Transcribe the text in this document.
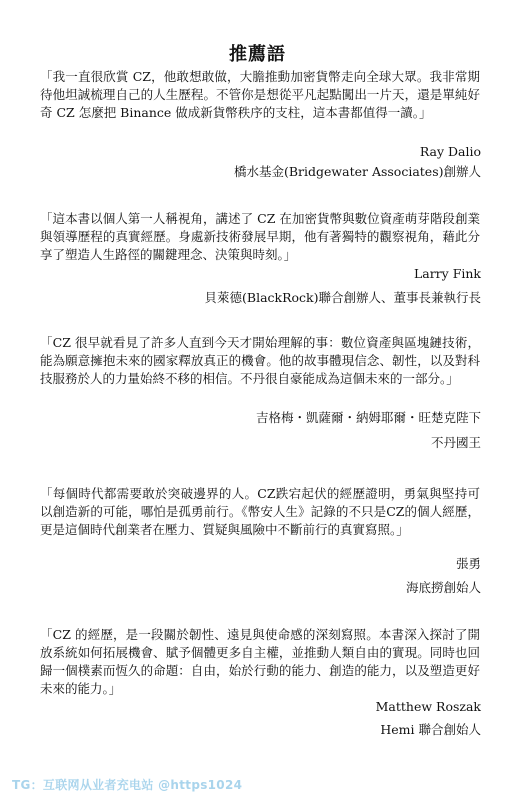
推薦語

「我一直很欣賞 CZ，他敢想敢做，大膽推動加密貨幣走向全球大眾。我非常期待他坦誠梳理自己的人生歷程。不管你是想從平凡起點闖出一片天，還是單純好奇 CZ 怎麼把 Binance 做成新貨幣秩序的支柱，這本書都值得一讀。」

Ray Dalio
橋水基金(Bridgewater Associates)創辦人

「這本書以個人第一人稱視角，講述了 CZ 在加密貨幣與數位資產萌芽階段創業與領導歷程的真實經歷。身處新技術發展早期，他有著獨特的觀察視角，藉此分享了塑造人生路徑的關鍵理念、決策與時刻。」

Larry Fink
貝萊德(BlackRock)聯合創辦人、董事長兼執行長

「CZ 很早就看見了許多人直到今天才開始理解的事：數位資產與區塊鏈技術，能為願意擁抱未來的國家釋放真正的機會。他的故事體現信念、韌性，以及對科技服務於人的力量始終不移的相信。不丹很自豪能成為這個未來的一部分。」

吉格梅・凱薩爾・納姆耶爾・旺楚克陛下
不丹國王

「每個時代都需要敢於突破邊界的人。CZ跌宕起伏的經歷證明，勇氣與堅持可以創造新的可能，哪怕是孤勇前行。《幣安人生》記錄的不只是CZ的個人經歷，更是這個時代創業者在壓力、質疑與風險中不斷前行的真實寫照。」

張勇
海底撈創始人

「CZ 的經歷，是一段關於韌性、遠見與使命感的深刻寫照。本書深入探討了開放系統如何拓展機會、賦予個體更多自主權，並推動人類自由的實現。同時也回歸一個樸素而恆久的命題：自由，始於行動的能力、創造的能力，以及塑造更好未來的能力。」

Matthew Roszak
Hemi 聯合創始人
TG：互联网从业者充电站 @https1024
